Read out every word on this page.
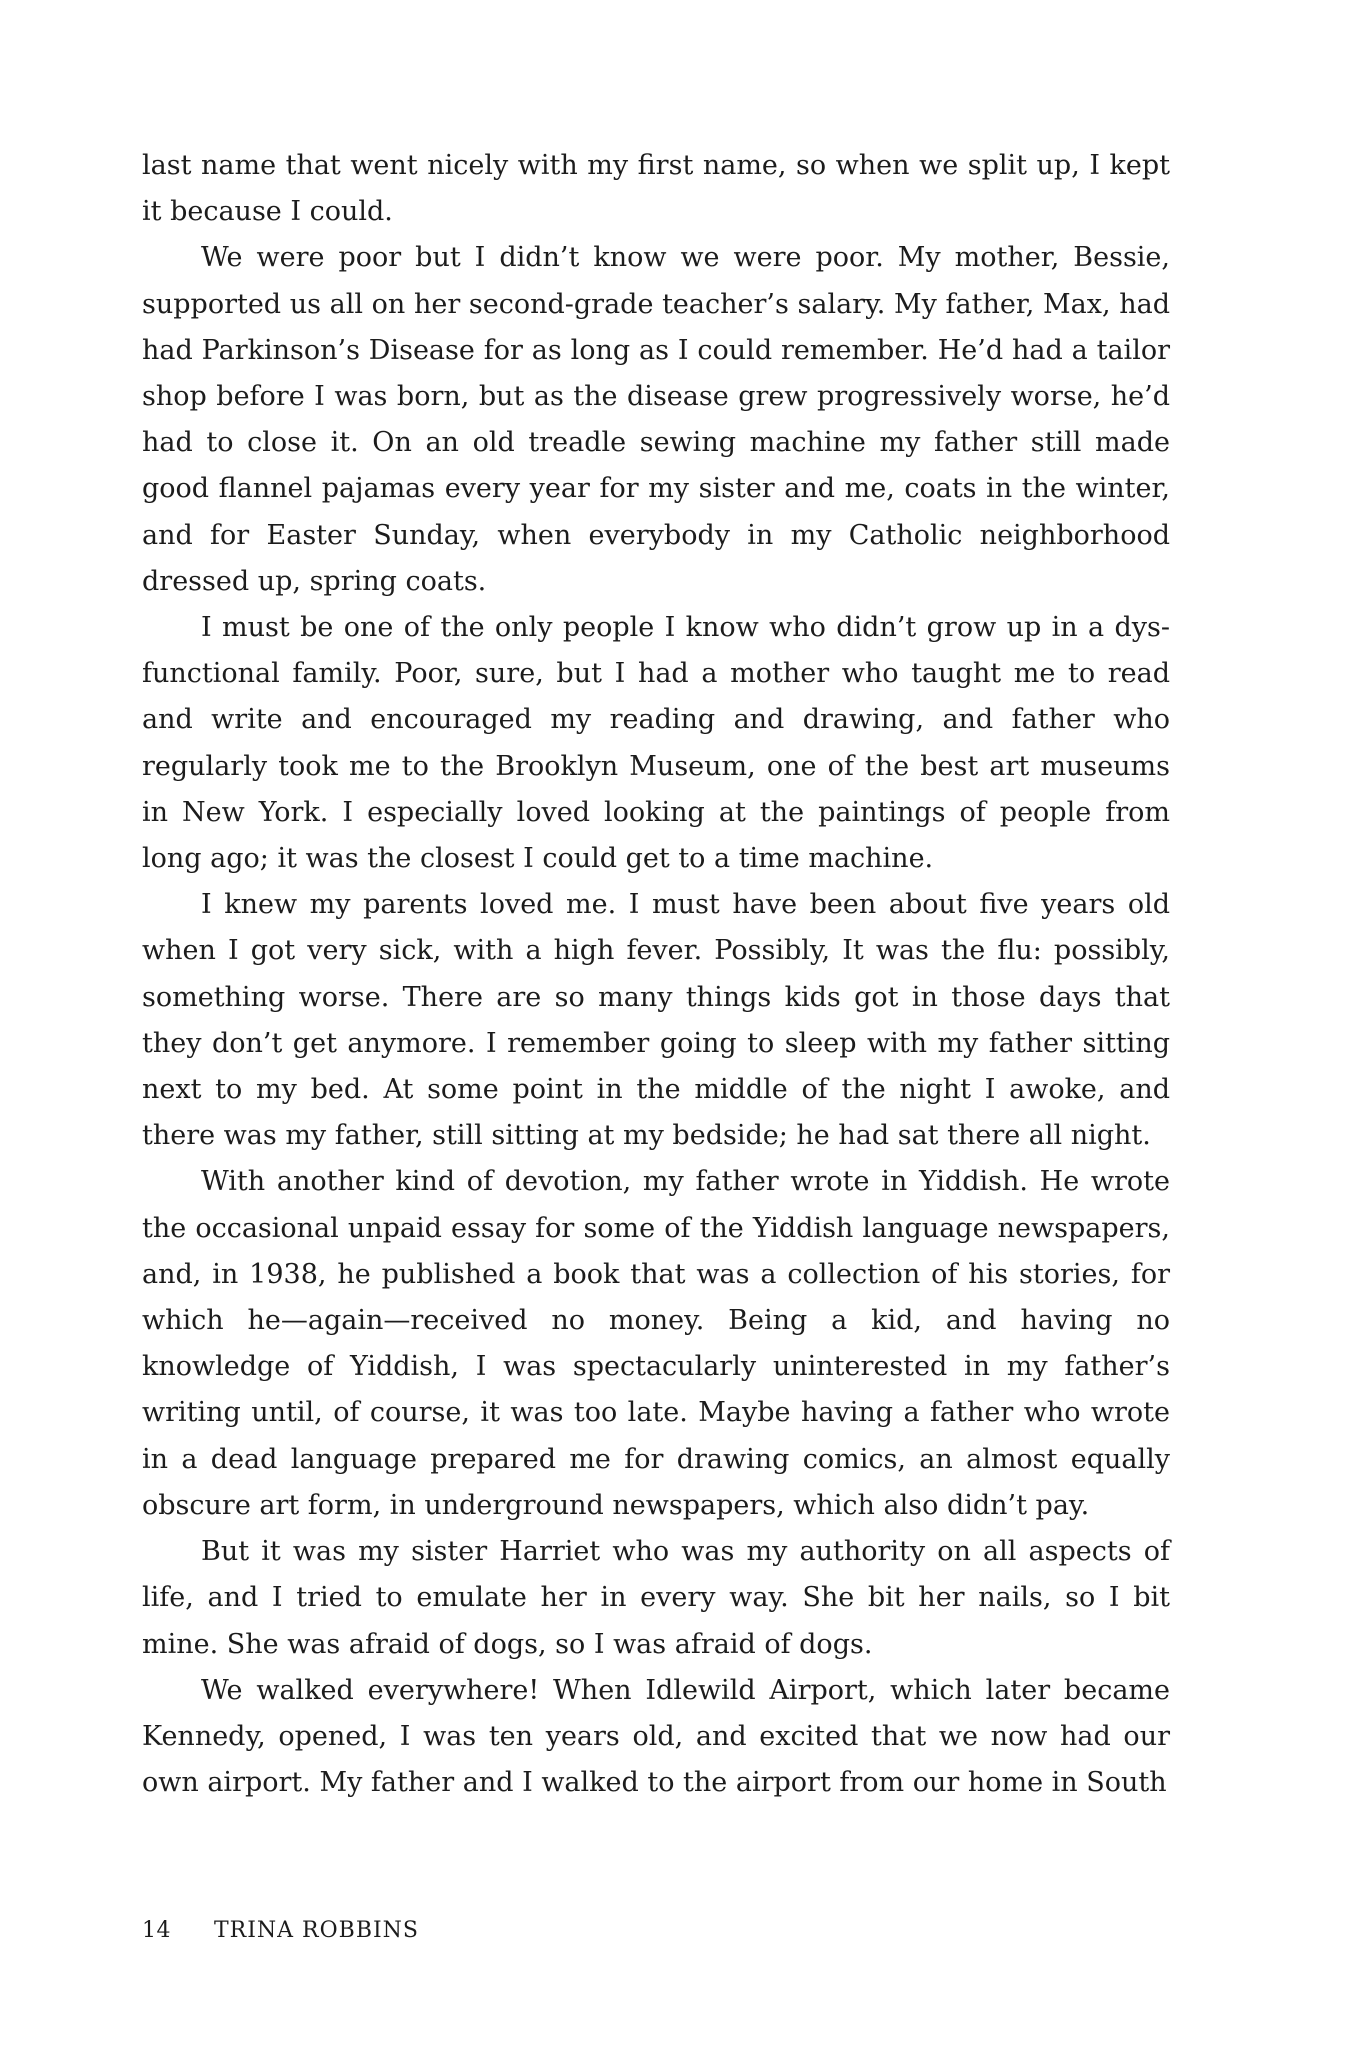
last name that went nicely with my first name, so when we split up, I kept it because I could.

We were poor but I didn’t know we were poor. My mother, Bessie, supported us all on her second-grade teacher’s salary. My father, Max, had had Parkinson’s Disease for as long as I could remember. He’d had a tailor shop before I was born, but as the disease grew progressively worse, he’d had to close it. On an old treadle sewing machine my father still made good flannel pajamas every year for my sister and me, coats in the winter, and for Easter Sunday, when everybody in my Catholic neighborhood dressed up, spring coats.

I must be one of the only people I know who didn’t grow up in a dysfunctional family. Poor, sure, but I had a mother who taught me to read and write and encouraged my reading and drawing, and father who regularly took me to the Brooklyn Museum, one of the best art museums in New York. I especially loved looking at the paintings of people from long ago; it was the closest I could get to a time machine.

I knew my parents loved me. I must have been about five years old when I got very sick, with a high fever. Possibly, It was the flu: possibly, something worse. There are so many things kids got in those days that they don’t get anymore. I remember going to sleep with my father sitting next to my bed. At some point in the middle of the night I awoke, and there was my father, still sitting at my bedside; he had sat there all night.

With another kind of devotion, my father wrote in Yiddish. He wrote the occasional unpaid essay for some of the Yiddish language newspapers, and, in 1938, he published a book that was a collection of his stories, for which he—again—received no money. Being a kid, and having no knowledge of Yiddish, I was spectacularly uninterested in my father’s writing until, of course, it was too late. Maybe having a father who wrote in a dead language prepared me for drawing comics, an almost equally obscure art form, in underground newspapers, which also didn’t pay.

But it was my sister Harriet who was my authority on all aspects of life, and I tried to emulate her in every way. She bit her nails, so I bit mine. She was afraid of dogs, so I was afraid of dogs.

We walked everywhere! When Idlewild Airport, which later became Kennedy, opened, I was ten years old, and excited that we now had our own airport. My father and I walked to the airport from our home in South

14 TRINA ROBBINS
